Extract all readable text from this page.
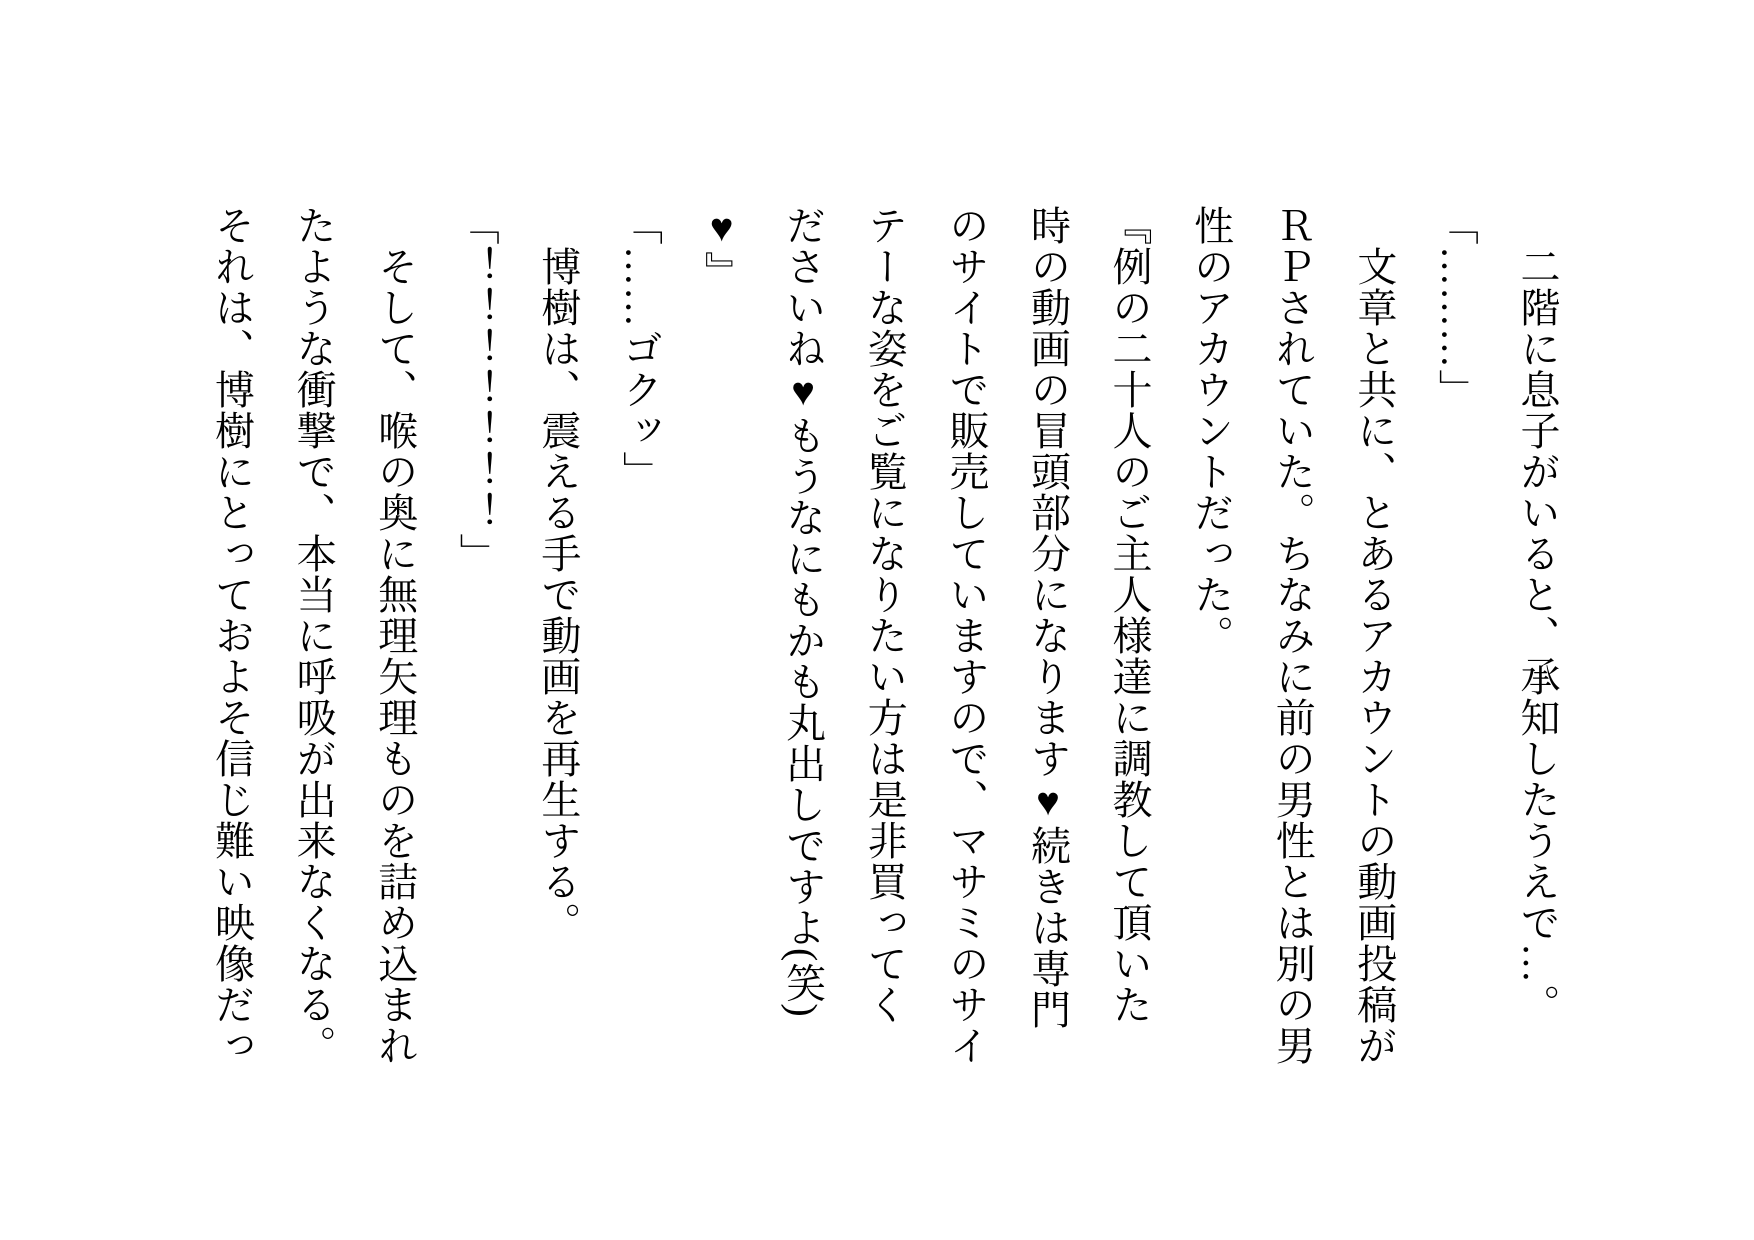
　二階に息子がいると、承知したうえで…。

「………」

　文章と共に、とあるアカウントの動画投稿が

ＲＰされていた。ちなみに前の男性とは別の男

性のアカウントだった。

『例の二十人のご主人様達に調教して頂いた

時の動画の冒頭部分になります♥続きは専門

のサイトで販売していますので、マサミのサイ

テーな姿をご覧になりたい方は是非買ってく

ださいね♥もうなにもかも丸出しですよ(笑)

♥』

「……ゴクッ」

　博樹は、震える手で動画を再生する。

「！！！！！！！」

　そして、喉の奥に無理矢理ものを詰め込まれ

たような衝撃で、本当に呼吸が出来なくなる。

それは、博樹にとっておよそ信じ難い映像だっ
